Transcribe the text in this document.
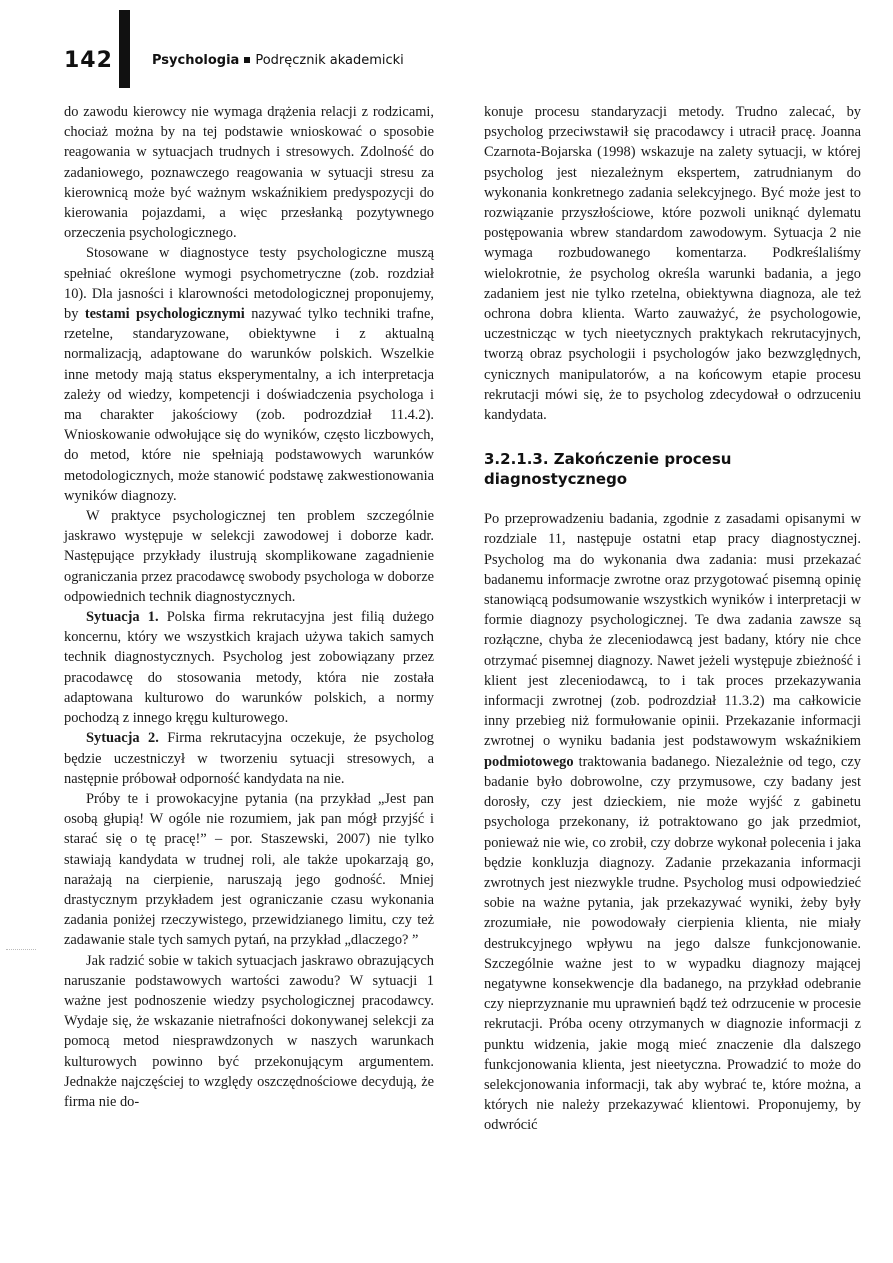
142	Psychologia Podręcznik akademicki

do zawodu kierowcy nie wymaga drążenia relacji z rodzicami, chociaż można by na tej podstawie wnioskować o sposobie reagowania w sytuacjach trudnych i stresowych. Zdolność do zadaniowego, poznawczego reagowania w sytuacji stresu za kierownicą może być ważnym wskaźnikiem predyspozycji do kierowania pojazdami, a więc przesłanką pozytywnego orzeczenia psychologicznego.

Stosowane w diagnostyce testy psychologiczne muszą spełniać określone wymogi psychometryczne (zob. rozdział 10). Dla jasności i klarowności metodologicznej proponujemy, by testami psychologicznymi nazywać tylko techniki trafne, rzetelne, standaryzowane, obiektywne i z aktualną normalizacją, adaptowane do warunków polskich. Wszelkie inne metody mają status eksperymentalny, a ich interpretacja zależy od wiedzy, kompetencji i doświadczenia psychologa i ma charakter jakościowy (zob. podrozdział 11.4.2). Wnioskowanie odwołujące się do wyników, często liczbowych, do metod, które nie spełniają podstawowych warunków metodologicznych, może stanowić podstawę zakwestionowania wyników diagnozy.

W praktyce psychologicznej ten problem szczególnie jaskrawo występuje w selekcji zawodowej i doborze kadr. Następujące przykłady ilustrują skomplikowane zagadnienie ograniczania przez pracodawcę swobody psychologa w doborze odpowiednich technik diagnostycznych.

Sytuacja 1. Polska firma rekrutacyjna jest filią dużego koncernu, który we wszystkich krajach używa takich samych technik diagnostycznych. Psycholog jest zobowiązany przez pracodawcę do stosowania metody, która nie została adaptowana kulturowo do warunków polskich, a normy pochodzą z innego kręgu kulturowego.

Sytuacja 2. Firma rekrutacyjna oczekuje, że psycholog będzie uczestniczył w tworzeniu sytuacji stresowych, a następnie próbował odporność kandydata na nie.

Próby te i prowokacyjne pytania (na przykład „Jest pan osobą głupią! W ogóle nie rozumiem, jak pan mógł przyjść i starać się o tę pracę!” – por. Staszewski, 2007) nie tylko stawiają kandydata w trudnej roli, ale także upokarzają go, narażają na cierpienie, naruszają jego godność. Mniej drastycznym przykładem jest ograniczanie czasu wykonania zadania poniżej rzeczywistego, przewidzianego limitu, czy też zadawanie stale tych samych pytań, na przykład „dlaczego? ”

Jak radzić sobie w takich sytuacjach jaskrawo obrazujących naruszanie podstawowych wartości zawodu? W sytuacji 1 ważne jest podnoszenie wiedzy psychologicznej pracodawcy. Wydaje się, że wskazanie nietrafności dokonywanej selekcji za pomocą metod niesprawdzonych w naszych warunkach kulturowych powinno być przekonującym argumentem. Jednakże najczęściej to względy oszczędnościowe decydują, że firma nie do-

konuje procesu standaryzacji metody. Trudno zalecać, by psycholog przeciwstawił się pracodawcy i utracił pracę. Joanna Czarnota-Bojarska (1998) wskazuje na zalety sytuacji, w której psycholog jest niezależnym ekspertem, zatrudnianym do wykonania konkretnego zadania selekcyjnego. Być może jest to rozwiązanie przyszłościowe, które pozwoli uniknąć dylematu postępowania wbrew standardom zawodowym. Sytuacja 2 nie wymaga rozbudowanego komentarza. Podkreślaliśmy wielokrotnie, że psycholog określa warunki badania, a jego zadaniem jest nie tylko rzetelna, obiektywna diagnoza, ale też ochrona dobra klienta. Warto zauważyć, że psychologowie, uczestnicząc w tych nieetycznych praktykach rekrutacyjnych, tworzą obraz psychologii i psychologów jako bezwzględnych, cynicznych manipulatorów, a na końcowym etapie procesu rekrutacji mówi się, że to psycholog zdecydował o odrzuceniu kandydata.

3.2.1.3. Zakończenie procesu diagnostycznego

Po przeprowadzeniu badania, zgodnie z zasadami opisanymi w rozdziale 11, następuje ostatni etap pracy diagnostycznej. Psycholog ma do wykonania dwa zadania: musi przekazać badanemu informacje zwrotne oraz przygotować pisemną opinię stanowiącą podsumowanie wszystkich wyników i interpretacji w formie diagnozy psychologicznej. Te dwa zadania zawsze są rozłączne, chyba że zleceniodawcą jest badany, który nie chce otrzymać pisemnej diagnozy. Nawet jeżeli występuje zbieżność i klient jest zleceniodawcą, to i tak proces przekazywania informacji zwrotnej (zob. podrozdział 11.3.2) ma całkowicie inny przebieg niż formułowanie opinii. Przekazanie informacji zwrotnej o wyniku badania jest podstawowym wskaźnikiem podmiotowego traktowania badanego. Niezależnie od tego, czy badanie było dobrowolne, czy przymusowe, czy badany jest dorosły, czy jest dzieckiem, nie może wyjść z gabinetu psychologa przekonany, iż potraktowano go jak przedmiot, ponieważ nie wie, co zrobił, czy dobrze wykonał polecenia i jaka będzie konkluzja diagnozy. Zadanie przekazania informacji zwrotnych jest niezwykle trudne. Psycholog musi odpowiedzieć sobie na ważne pytania, jak przekazywać wyniki, żeby były zrozumiałe, nie powodowały cierpienia klienta, nie miały destrukcyjnego wpływu na jego dalsze funkcjonowanie. Szczególnie ważne jest to w wypadku diagnozy mającej negatywne konsekwencje dla badanego, na przykład odebranie czy nieprzyznanie mu uprawnień bądź też odrzucenie w procesie rekrutacji. Próba oceny otrzymanych w diagnozie informacji z punktu widzenia, jakie mogą mieć znaczenie dla dalszego funkcjonowania klienta, jest nieetyczna. Prowadzić to może do selekcjonowania informacji, tak aby wybrać te, które można, a których nie należy przekazywać klientowi. Proponujemy, by odwrócić
